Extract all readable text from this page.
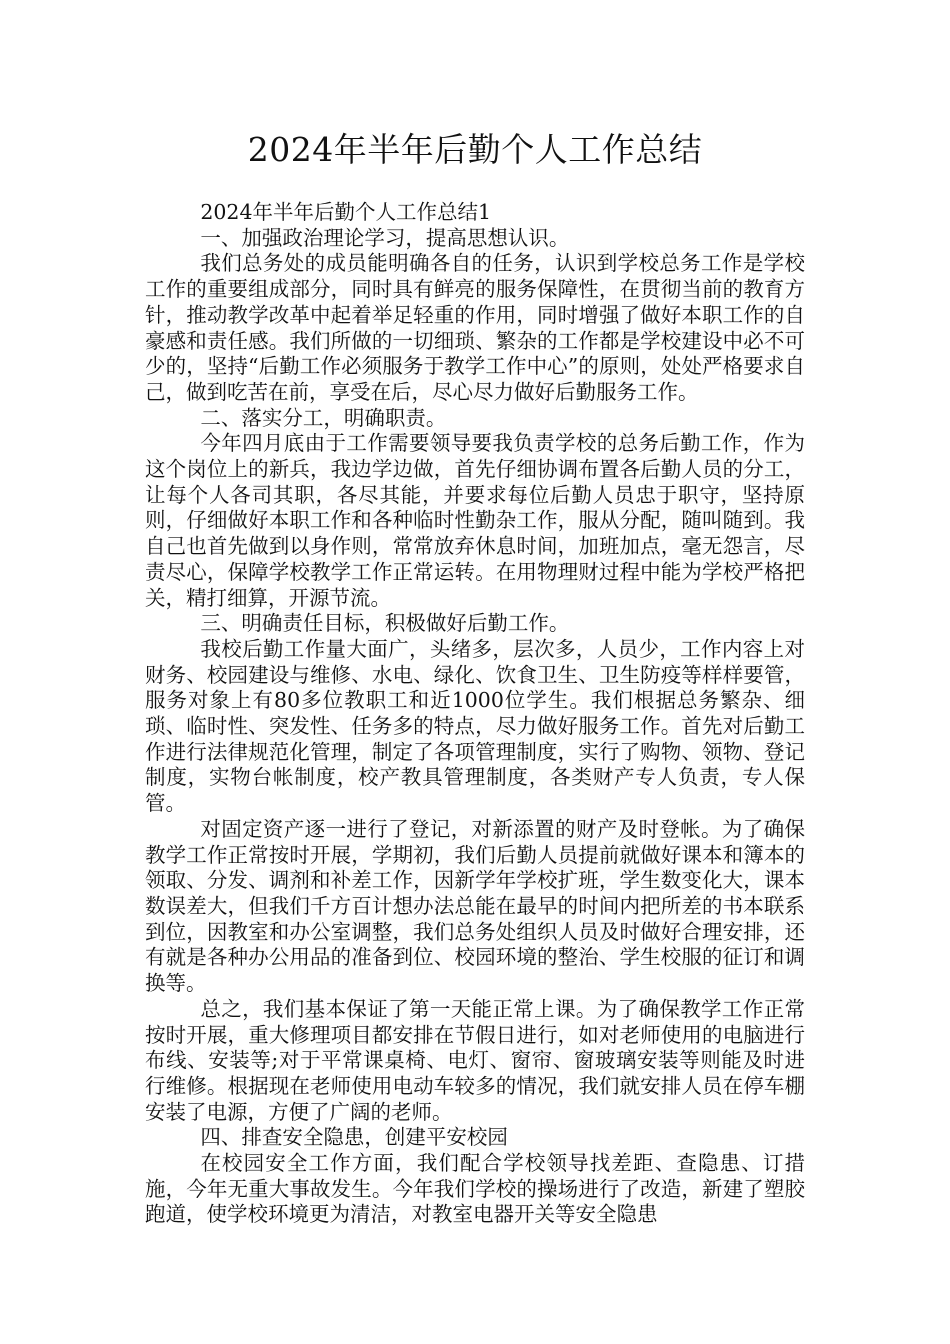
2024年半年后勤个人工作总结

2024年半年后勤个人工作总结1

一、加强政治理论学习，提高思想认识。

我们总务处的成员能明确各自的任务，认识到学校总务工作是学校工作的重要组成部分，同时具有鲜亮的服务保障性，在贯彻当前的教育方针，推动教学改革中起着举足轻重的作用，同时增强了做好本职工作的自豪感和责任感。我们所做的一切细琐、繁杂的工作都是学校建设中必不可少的，坚持“后勤工作必须服务于教学工作中心”的原则，处处严格要求自己，做到吃苦在前，享受在后，尽心尽力做好后勤服务工作。

二、落实分工，明确职责。

今年四月底由于工作需要领导要我负责学校的总务后勤工作，作为这个岗位上的新兵，我边学边做，首先仔细协调布置各后勤人员的分工，让每个人各司其职，各尽其能，并要求每位后勤人员忠于职守，坚持原则，仔细做好本职工作和各种临时性勤杂工作，服从分配，随叫随到。我自己也首先做到以身作则，常常放弃休息时间，加班加点，毫无怨言，尽责尽心，保障学校教学工作正常运转。在用物理财过程中能为学校严格把关，精打细算，开源节流。

三、明确责任目标，积极做好后勤工作。

我校后勤工作量大面广，头绪多，层次多，人员少，工作内容上对财务、校园建设与维修、水电、绿化、饮食卫生、卫生防疫等样样要管，服务对象上有80多位教职工和近1000位学生。我们根据总务繁杂、细琐、临时性、突发性、任务多的特点，尽力做好服务工作。首先对后勤工作进行法律规范化管理，制定了各项管理制度，实行了购物、领物、登记制度，实物台帐制度，校产教具管理制度，各类财产专人负责，专人保管。

对固定资产逐一进行了登记，对新添置的财产及时登帐。为了确保教学工作正常按时开展，学期初，我们后勤人员提前就做好课本和簿本的领取、分发、调剂和补差工作，因新学年学校扩班，学生数变化大，课本数误差大，但我们千方百计想办法总能在最早的时间内把所差的书本联系到位，因教室和办公室调整，我们总务处组织人员及时做好合理安排，还有就是各种办公用品的准备到位、校园环境的整治、学生校服的征订和调换等。

总之，我们基本保证了第一天能正常上课。为了确保教学工作正常按时开展，重大修理项目都安排在节假日进行，如对老师使用的电脑进行布线、安装等;对于平常课桌椅、电灯、窗帘、窗玻璃安装等则能及时进行维修。根据现在老师使用电动车较多的情况，我们就安排人员在停车棚安装了电源，方便了广阔的老师。

四、排查安全隐患，创建平安校园

在校园安全工作方面，我们配合学校领导找差距、查隐患、订措施，今年无重大事故发生。今年我们学校的操场进行了改造，新建了塑胶跑道，使学校环境更为清洁，对教室电器开关等安全隐患
